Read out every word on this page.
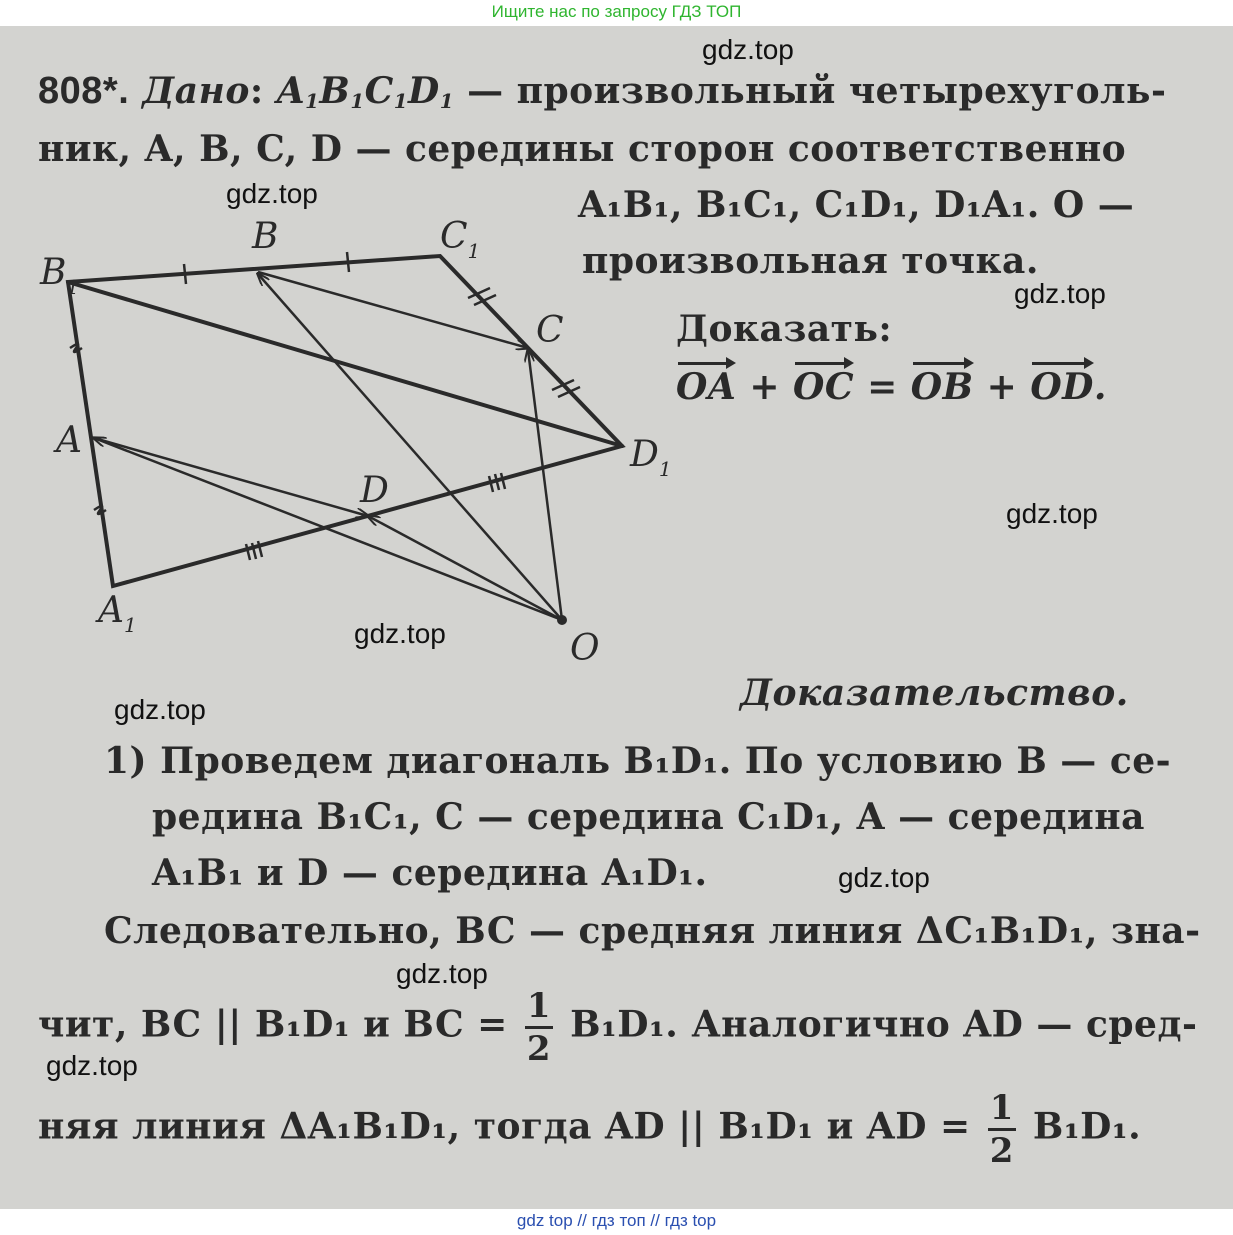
Ищите нас по запросу ГДЗ ТОП
$B_1$
B	$C_1$
C
A	$D_1$
D
$A_1$
O
808*. Дано: $A_1B_1C_1D_1$ — произвольный четырехуголь-
ник, A, B, C, D — середины сторон соответственно
A₁B₁, B₁C₁, C₁D₁, D₁A₁. O —
произвольная точка.
Доказать:
OA + OC = OB + OD.
Доказательство.
1) Проведем диагональ B₁D₁. По условию B — се-
редина B₁C₁, C — середина C₁D₁, A — середина
A₁B₁ и D — середина A₁D₁.
Следовательно, BC — средняя линия ΔC₁B₁D₁, зна-
чит, BC || B₁D₁ и BC = $\frac{1}{2} B_1D_1$. Аналогично AD — сред-
няя линия ΔA₁B₁D₁, тогда AD || B₁D₁ и AD = $\frac{1}{2} B_1D_1$.
gdz.top
gdz.top
gdz.top
gdz.top
gdz.top
gdz.top
gdz.top
gdz.top
gdz.top
gdz top // гдз топ // гдз top
